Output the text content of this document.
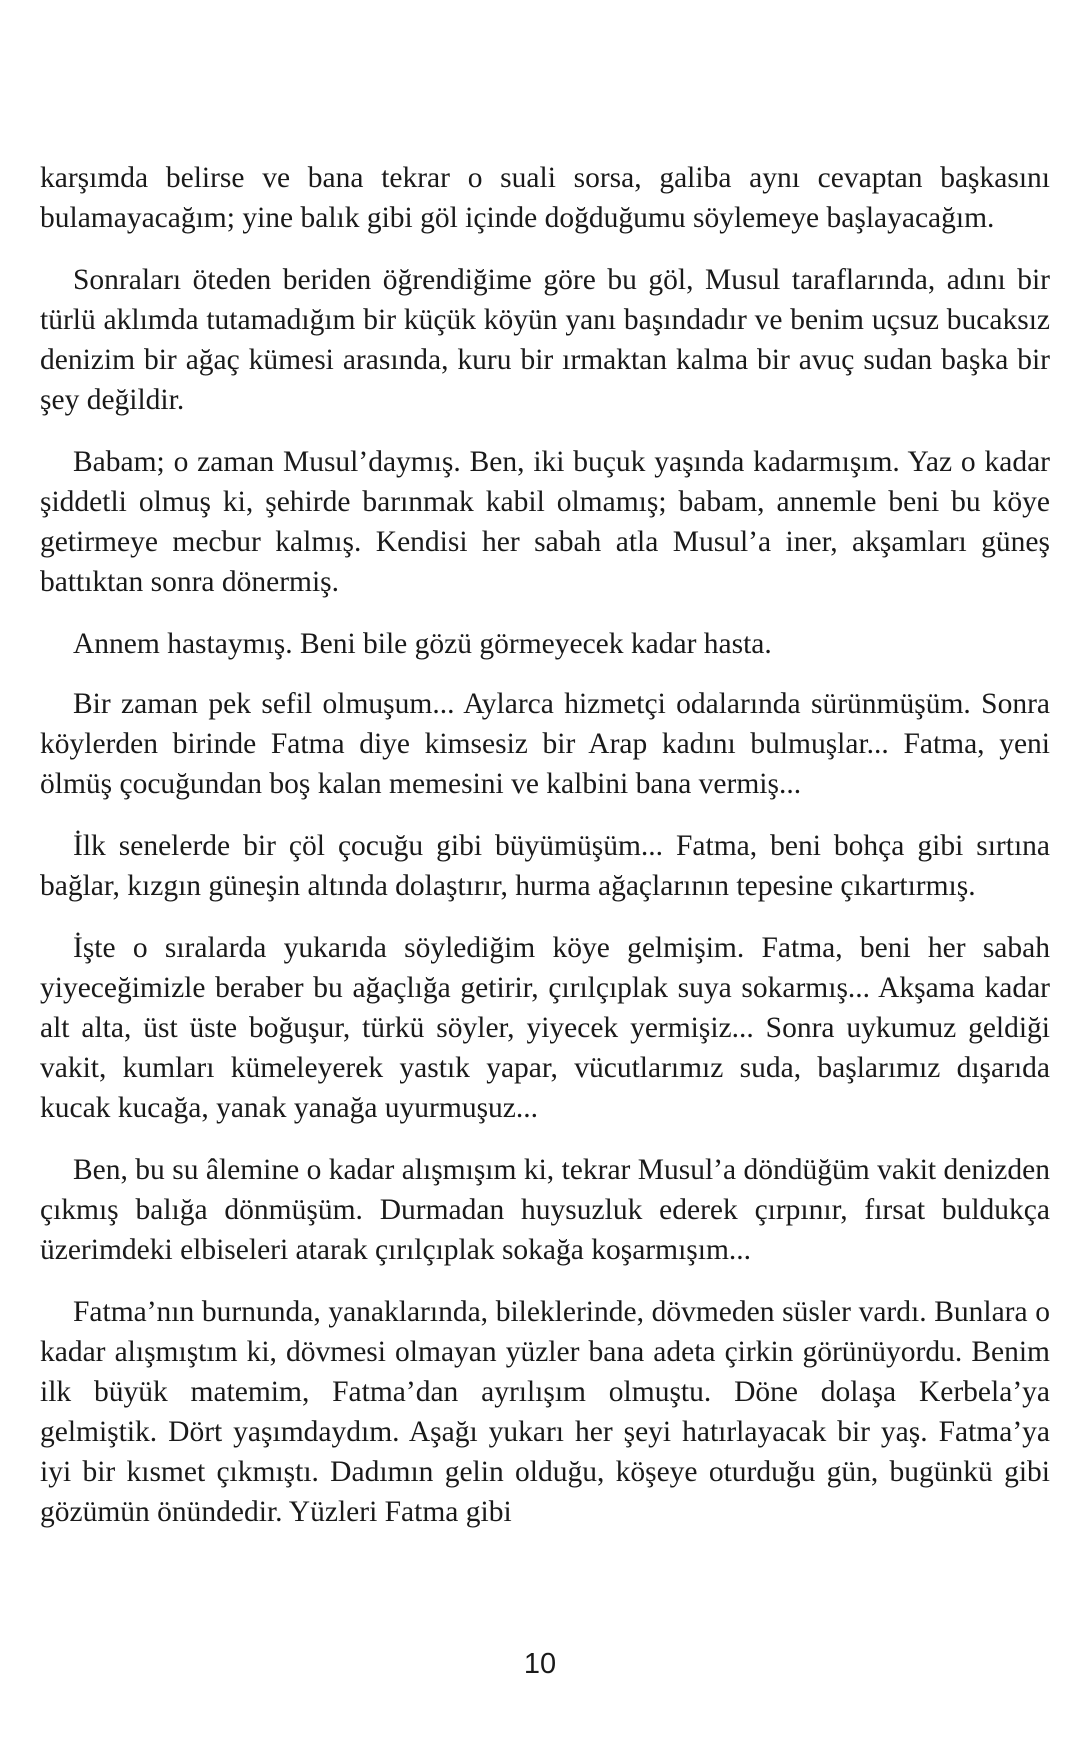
karşımda belirse ve bana tekrar o suali sorsa, galiba aynı cevaptan başkasını bulamayacağım; yine balık gibi göl içinde doğduğumu söylemeye başlayacağım.

Sonraları öteden beriden öğrendiğime göre bu göl, Musul taraflarında, adını bir türlü aklımda tutamadığım bir küçük köyün yanı başındadır ve benim uçsuz bucaksız denizim bir ağaç kümesi arasında, kuru bir ırmaktan kalma bir avuç sudan başka bir şey değildir.

Babam; o zaman Musul’daymış. Ben, iki buçuk yaşında kadarmışım. Yaz o kadar şiddetli olmuş ki, şehirde barınmak kabil olmamış; babam, annemle beni bu köye getirmeye mecbur kalmış. Kendisi her sabah atla Musul’a iner, akşamları güneş battıktan sonra dönermiş.

Annem hastaymış. Beni bile gözü görmeyecek kadar hasta.

Bir zaman pek sefil olmuşum... Aylarca hizmetçi odalarında sürünmüşüm. Sonra köylerden birinde Fatma diye kimsesiz bir Arap kadını bulmuşlar... Fatma, yeni ölmüş çocuğundan boş kalan memesini ve kalbini bana vermiş...

İlk senelerde bir çöl çocuğu gibi büyümüşüm... Fatma, beni bohça gibi sırtına bağlar, kızgın güneşin altında dolaştırır, hurma ağaçlarının tepesine çıkartırmış.

İşte o sıralarda yukarıda söylediğim köye gelmişim. Fatma, beni her sabah yiyeceğimizle beraber bu ağaçlığa getirir, çırılçıplak suya sokarmış... Akşama kadar alt alta, üst üste boğuşur, türkü söyler, yiyecek yermişiz... Sonra uykumuz geldiği vakit, kumları kümeleyerek yastık yapar, vücutlarımız suda, başlarımız dışarıda kucak kucağa, yanak yanağa uyurmuşuz...

Ben, bu su âlemine o kadar alışmışım ki, tekrar Musul’a döndüğüm vakit denizden çıkmış balığa dönmüşüm. Durmadan huysuzluk ederek çırpınır, fırsat buldukça üzerimdeki elbiseleri atarak çırılçıplak sokağa koşarmışım...

Fatma’nın burnunda, yanaklarında, bileklerinde, dövmeden süsler vardı. Bunlara o kadar alışmıştım ki, dövmesi olmayan yüzler bana adeta çirkin görünüyordu. Benim ilk büyük matemim, Fatma’dan ayrılışım olmuştu. Döne dolaşa Kerbela’ya gelmiştik. Dört yaşımdaydım. Aşağı yukarı her şeyi hatırlayacak bir yaş. Fatma’ya iyi bir kısmet çıkmıştı. Dadımın gelin olduğu, köşeye oturduğu gün, bugünkü gibi gözümün önündedir. Yüzleri Fatma gibi

10
